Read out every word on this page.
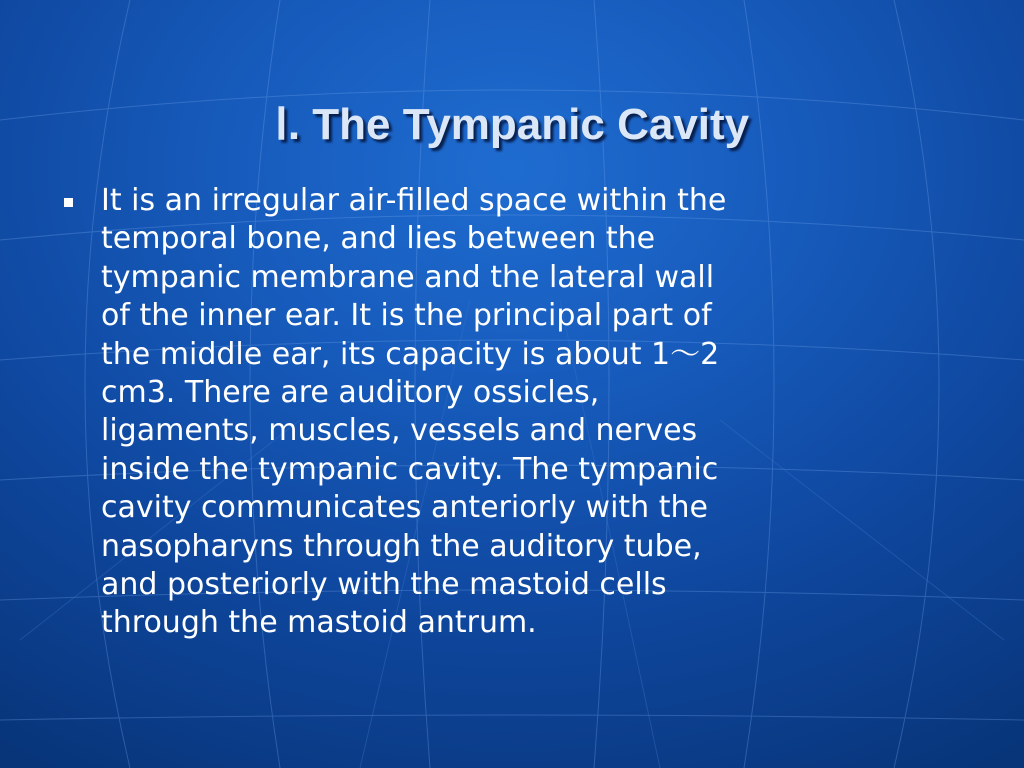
Ⅰ. The Tympanic Cavity

It is an irregular air-filled space within the
temporal bone, and lies between the
tympanic membrane and the lateral wall
of the inner ear. It is the principal part of
the middle ear, its capacity is about 1～2
cm3. There are auditory ossicles,
ligaments, muscles, vessels and nerves
inside the tympanic cavity. The tympanic
cavity communicates anteriorly with the
nasopharyns through the auditory tube,
and posteriorly with the mastoid cells
through the mastoid antrum.
